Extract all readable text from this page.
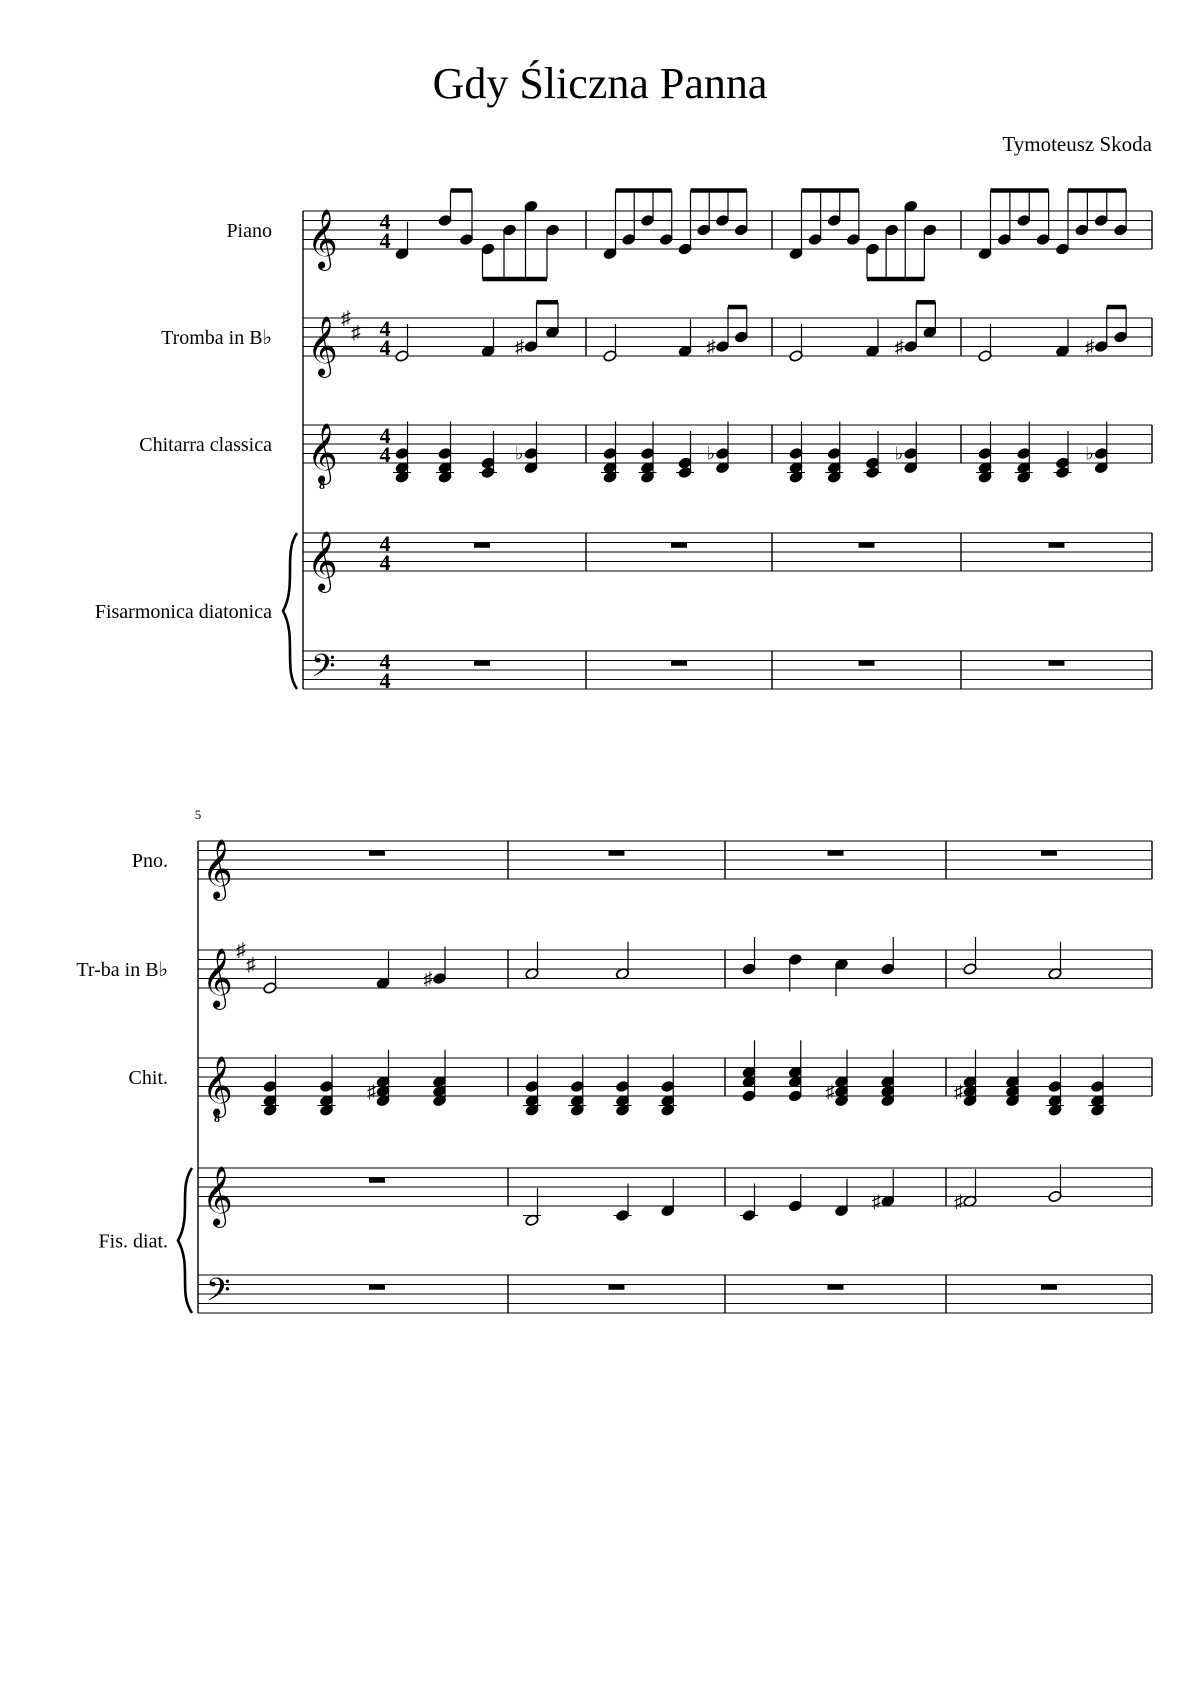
Gdy Śliczna Panna
Tymoteusz Skoda
Piano
Tromba in B♭
Chitarra classica
Fisarmonica diatonica
𝄞
𝄞 ♯
♯
𝄞
8
𝄞
𝄢
4
4
4
4
4
4
4
4
4
4	♯
♭
♯
♭
♯
♭
♯
♭
Pno.
Tr-ba in B♭
Chit.
Fis. diat.
5
𝄞
𝄞 ♯
♯
𝄞
8
𝄞
𝄢
♯
♯	♯
♯
♯
♯
